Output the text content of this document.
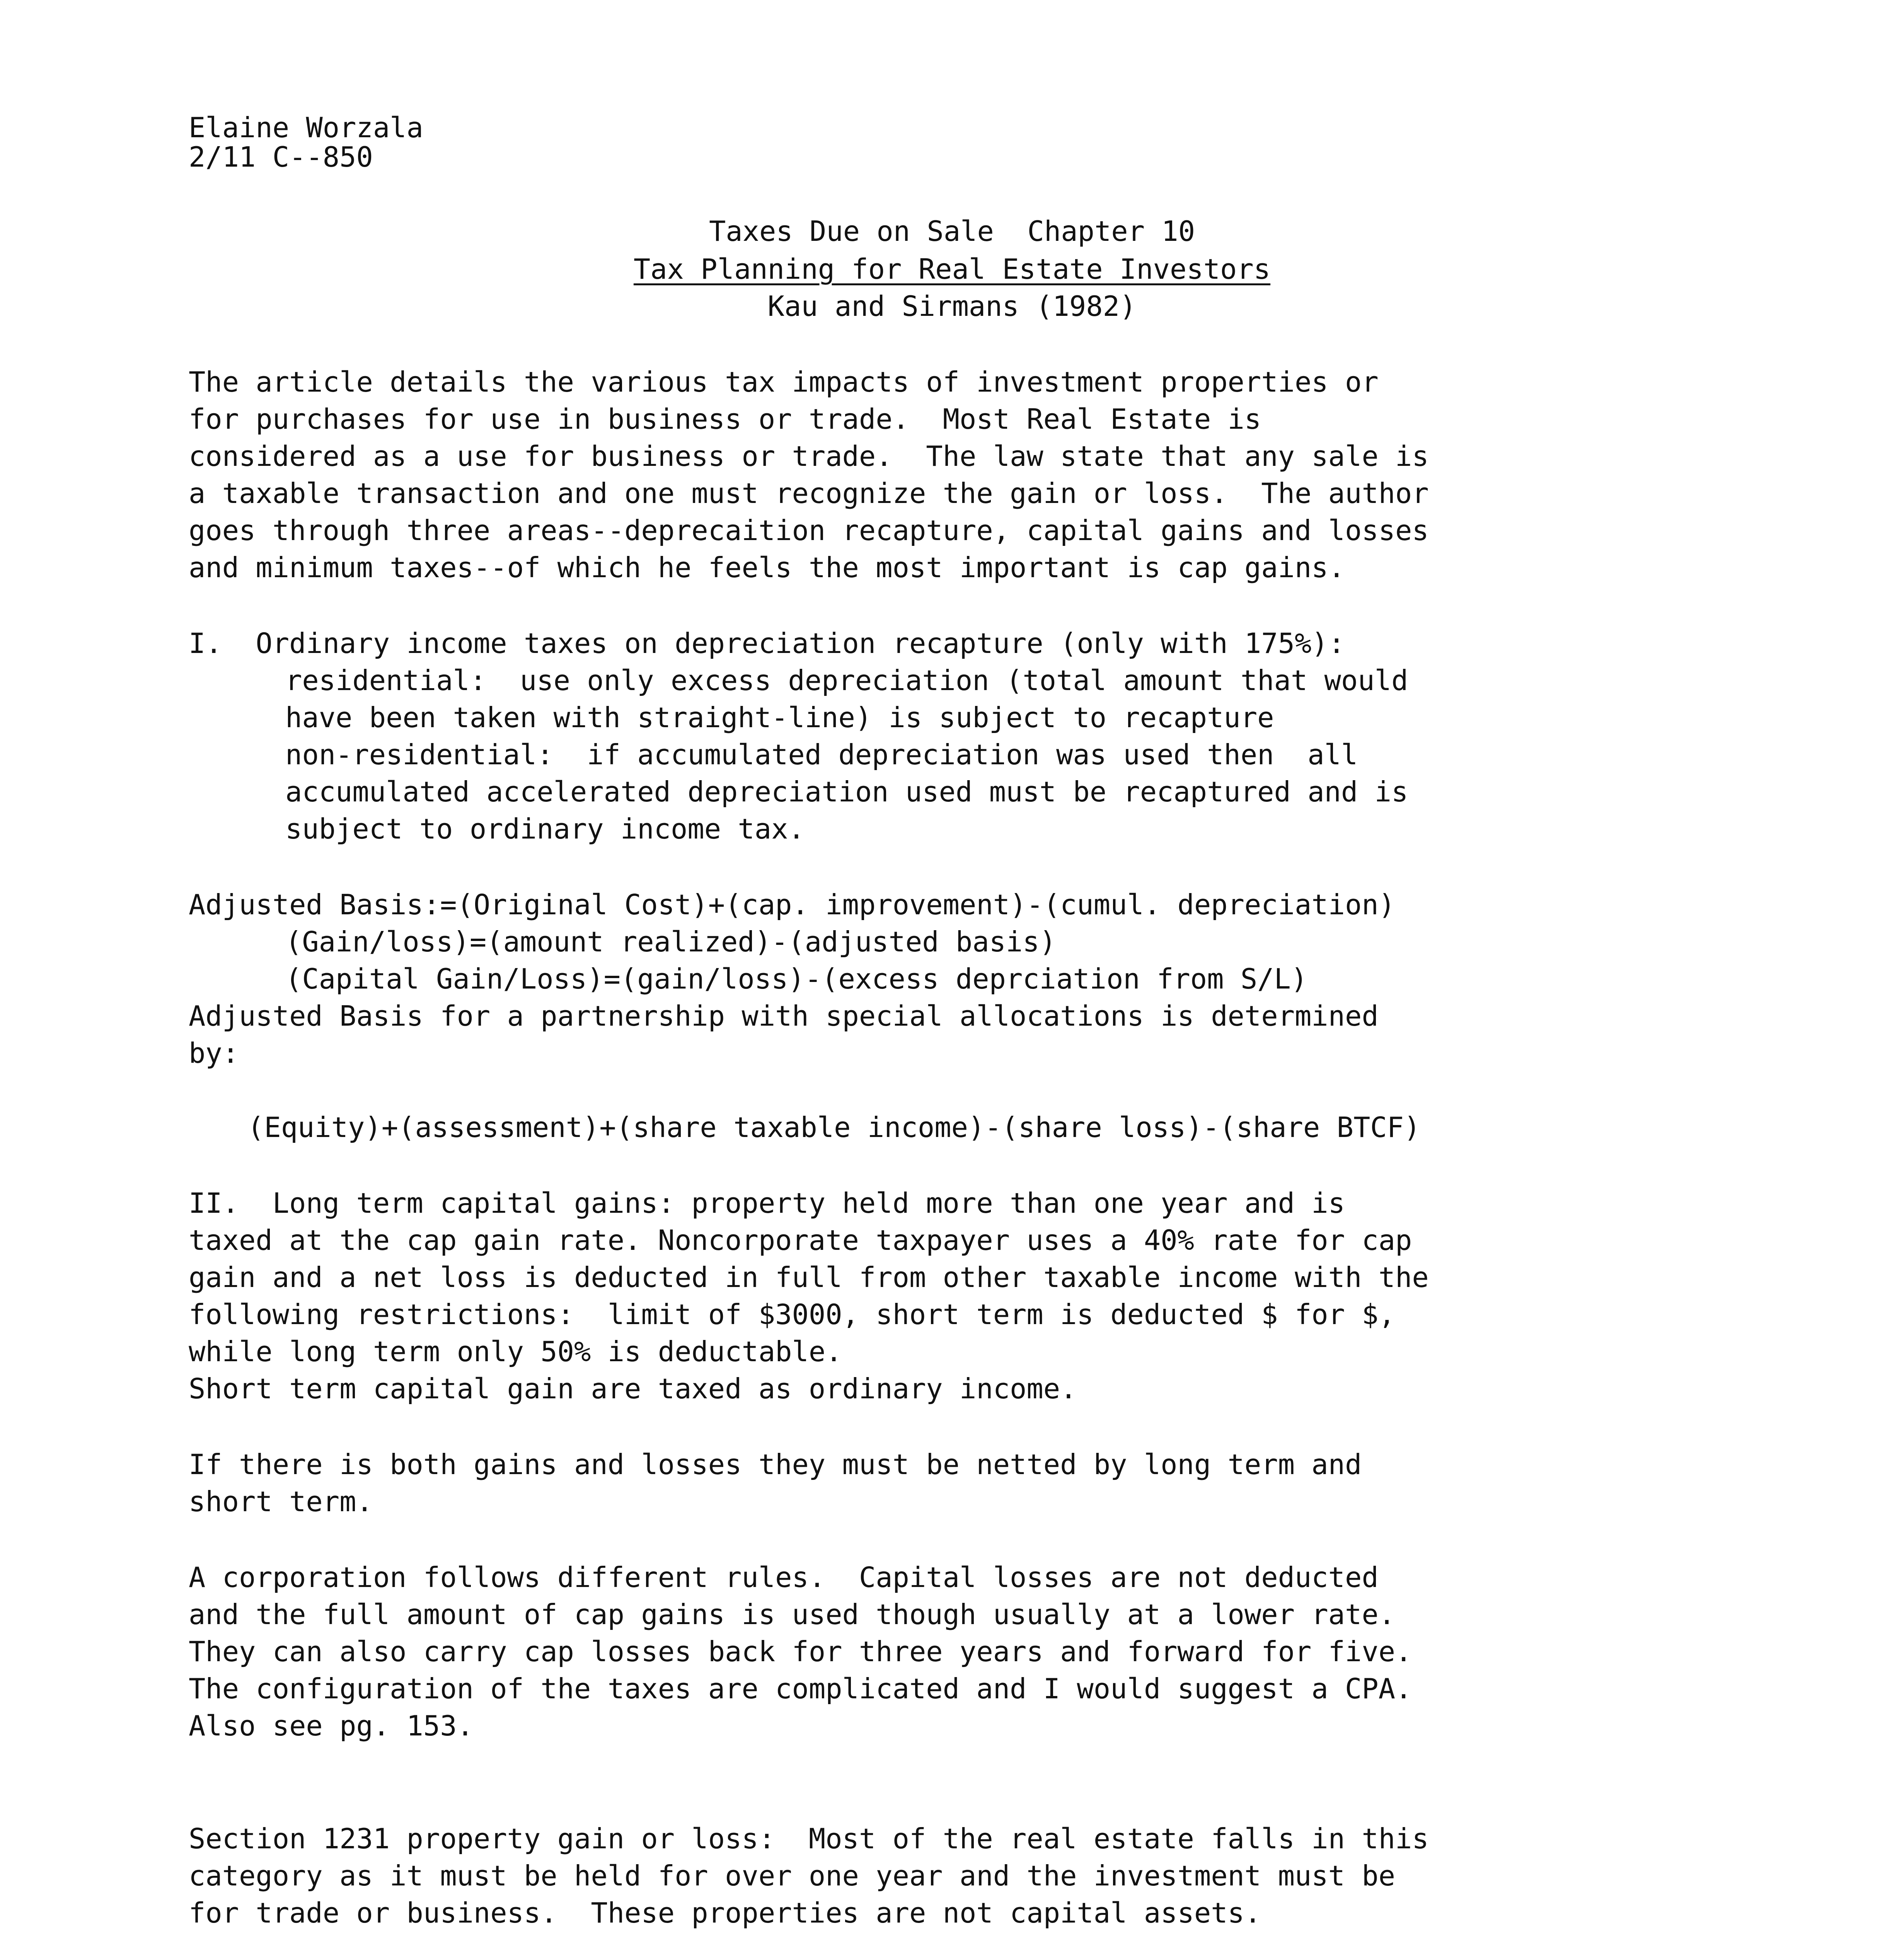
Elaine Worzala
2/11 C--850
Taxes Due on Sale  Chapter 10
Tax Planning for Real Estate Investors
Kau and Sirmans (1982)
The article details the various tax impacts of investment properties or
for purchases for use in business or trade.  Most Real Estate is
considered as a use for business or trade.  The law state that any sale is
a taxable transaction and one must recognize the gain or loss.  The author
goes through three areas--deprecaition recapture, capital gains and losses
and minimum taxes--of which he feels the most important is cap gains.
I.  Ordinary income taxes on depreciation recapture (only with 175%):
residential:  use only excess depreciation (total amount that would
have been taken with straight-line) is subject to recapture
non-residential:  if accumulated depreciation was used then  all
accumulated accelerated depreciation used must be recaptured and is
subject to ordinary income tax.
Adjusted Basis:=(Original Cost)+(cap. improvement)-(cumul. depreciation)
(Gain/loss)=(amount realized)-(adjusted basis)
(Capital Gain/Loss)=(gain/loss)-(excess deprciation from S/L)
Adjusted Basis for a partnership with special allocations is determined
by:
(Equity)+(assessment)+(share taxable income)-(share loss)-(share BTCF)
II.  Long term capital gains: property held more than one year and is
taxed at the cap gain rate. Noncorporate taxpayer uses a 40% rate for cap
gain and a net loss is deducted in full from other taxable income with the
following restrictions:  limit of $3000, short term is deducted $ for $,
while long term only 50% is deductable.
Short term capital gain are taxed as ordinary income.
If there is both gains and losses they must be netted by long term and
short term.
A corporation follows different rules.  Capital losses are not deducted
and the full amount of cap gains is used though usually at a lower rate.
They can also carry cap losses back for three years and forward for five.
The configuration of the taxes are complicated and I would suggest a CPA.
Also see pg. 153.
Section 1231 property gain or loss:  Most of the real estate falls in this
category as it must be held for over one year and the investment must be
for trade or business.  These properties are not capital assets.
